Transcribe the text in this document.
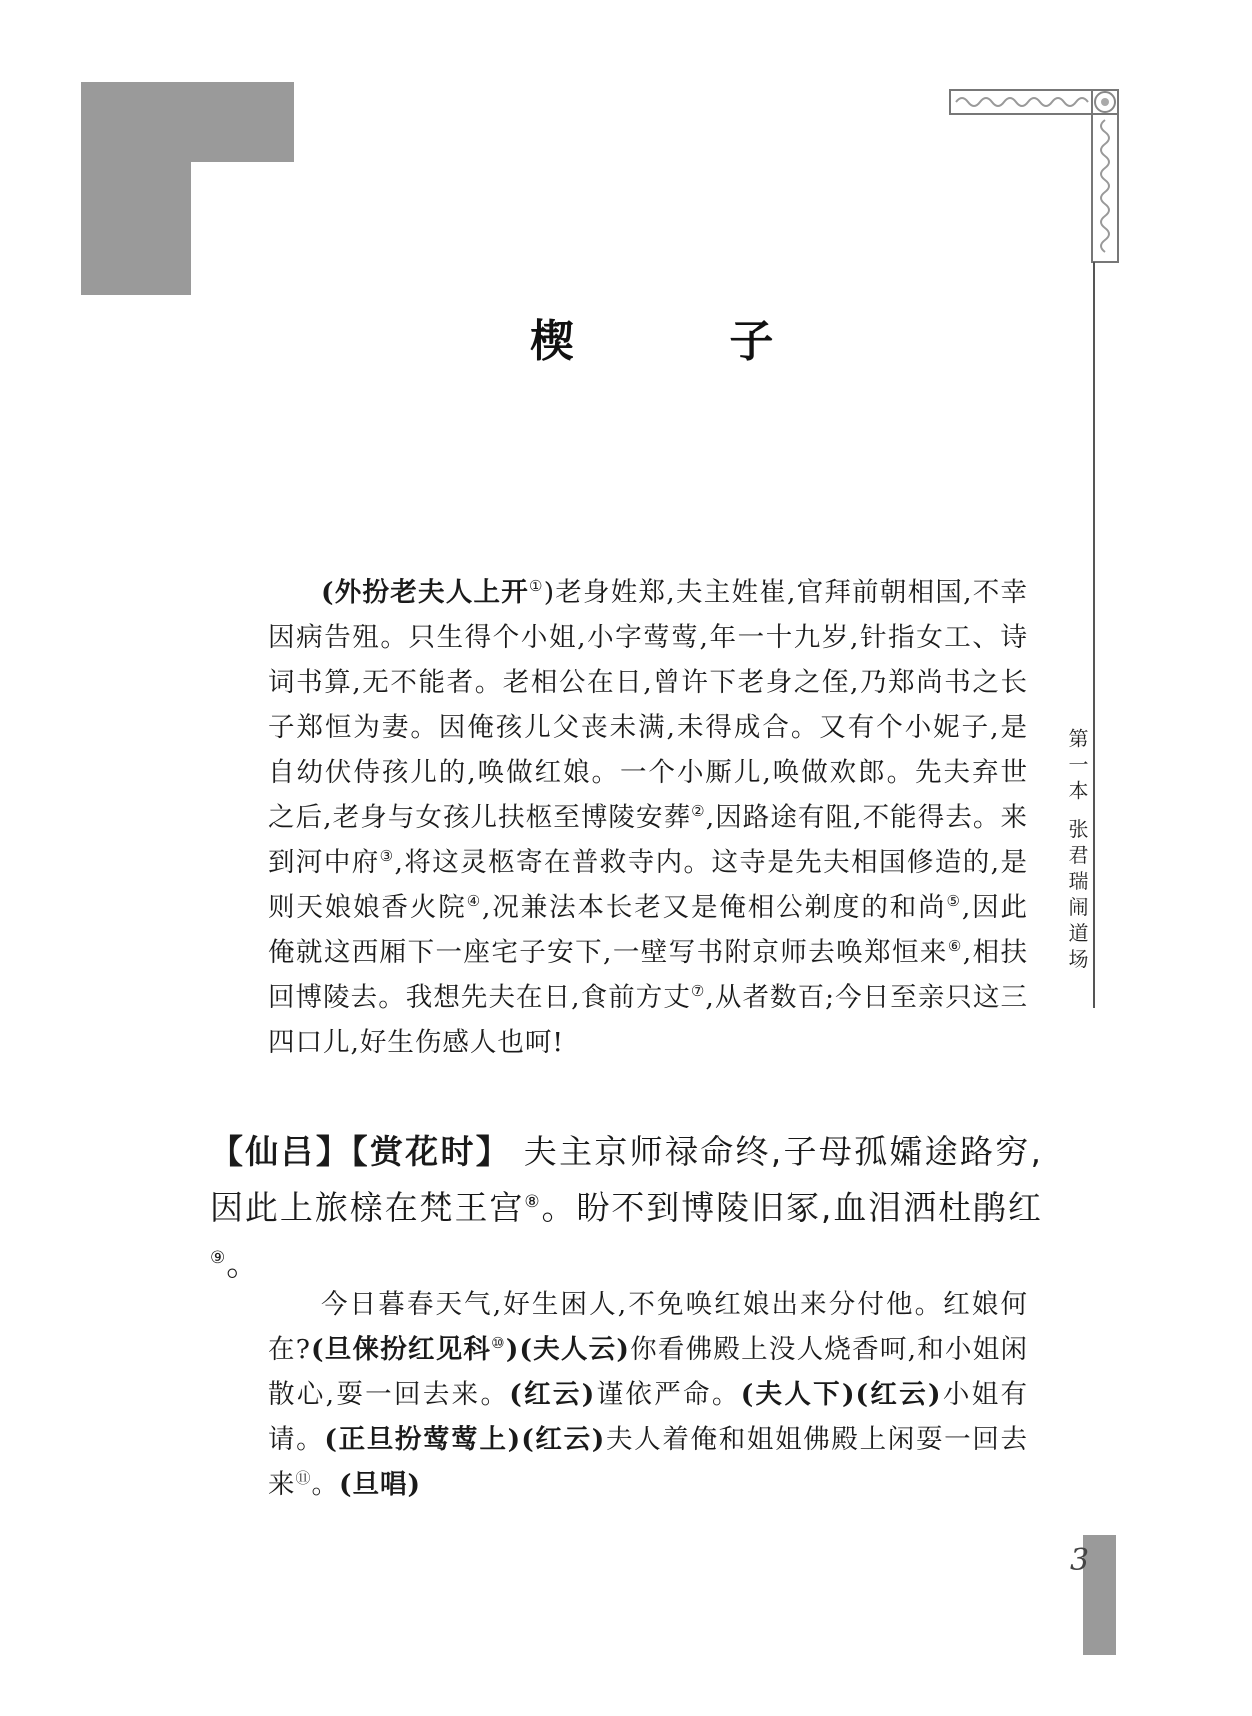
第一本 张君瑞闹道场
楔 子

(外扮老夫人上开①)老身姓郑,夫主姓崔,官拜前朝相国,不幸因病告殂。只生得个小姐,小字莺莺,年一十九岁,针指女工、诗词书算,无不能者。老相公在日,曾许下老身之侄,乃郑尚书之长子郑恒为妻。因俺孩儿父丧未满,未得成合。又有个小妮子,是自幼伏侍孩儿的,唤做红娘。一个小厮儿,唤做欢郎。先夫弃世之后,老身与女孩儿扶柩至博陵安葬②,因路途有阻,不能得去。来到河中府③,将这灵柩寄在普救寺内。这寺是先夫相国修造的,是则天娘娘香火院④,况兼法本长老又是俺相公剃度的和尚⑤,因此俺就这西厢下一座宅子安下,一壁写书附京师去唤郑恒来⑥,相扶回博陵去。我想先夫在日,食前方丈⑦,从者数百;今日至亲只这三四口儿,好生伤感人也呵!

【仙吕】【赏花时】 夫主京师禄命终,子母孤孀途路穷,因此上旅榇在梵王宫⑧。盼不到博陵旧冢,血泪洒杜鹃红⑨。

今日暮春天气,好生困人,不免唤红娘出来分付他。红娘何在?(旦俫扮红见科⑩)(夫人云)你看佛殿上没人烧香呵,和小姐闲散心,耍一回去来。(红云)谨依严命。(夫人下)(红云)小姐有请。(正旦扮莺莺上)(红云)夫人着俺和姐姐佛殿上闲耍一回去来⑪。(旦唱)

3
